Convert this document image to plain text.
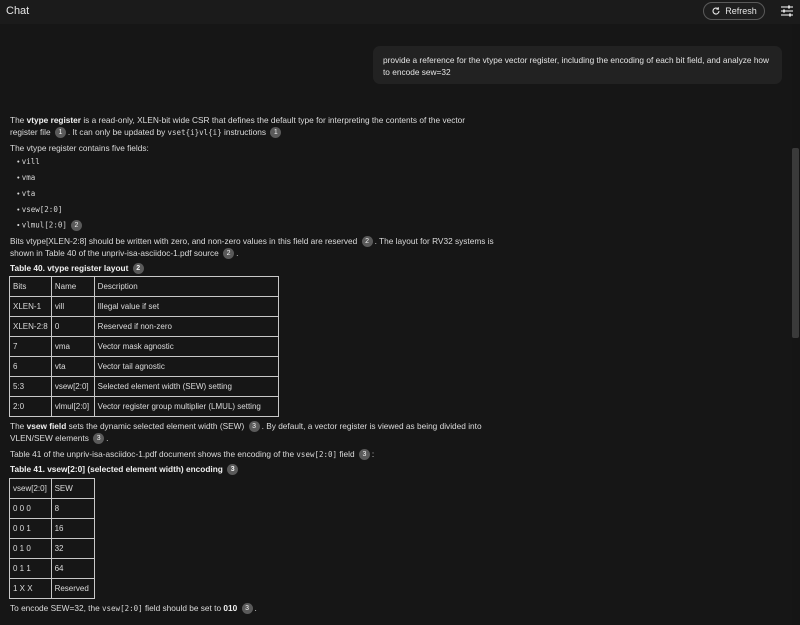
Chat	Refresh
provide a reference for the vtype vector register, including the encoding of each bit field, and analyze how to encode sew=32
The vtype register is a read-only, XLEN-bit wide CSR that defines the default type for interpreting the contents of the vector
register file 1 . It can only be updated by vset{i}vl{i} instructions 1
The vtype register contains five fields:
• vill
• vma
• vta
• vsew[2:0]
• vlmul[2:0] 2
Bits vtype[XLEN-2:8] should be written with zero, and non-zero values in this field are reserved 2 . The layout for RV32 systems is
shown in Table 40 of the unpriv-isa-asciidoc-1.pdf source 2 .
Table 40. vtype register layout 2
Bits	Name	Description
XLEN-1	vill	Illegal value if set
XLEN-2:8	0	Reserved if non-zero
7	vma	Vector mask agnostic
6	vta	Vector tail agnostic
5:3	vsew[2:0]	Selected element width (SEW) setting
2:0	vlmul[2:0]	Vector register group multiplier (LMUL) setting
The vsew field sets the dynamic selected element width (SEW) 3 . By default, a vector register is viewed as being divided into
VLEN/SEW elements 3 .
Table 41 of the unpriv-isa-asciidoc-1.pdf document shows the encoding of the vsew[2:0] field 3 :
Table 41. vsew[2:0] (selected element width) encoding 3
vsew[2:0]	SEW
0 0 0	8
0 0 1	16
0 1 0	32
0 1 1	64
1 X X	Reserved
To encode SEW=32, the vsew[2:0] field should be set to 010 3 .
